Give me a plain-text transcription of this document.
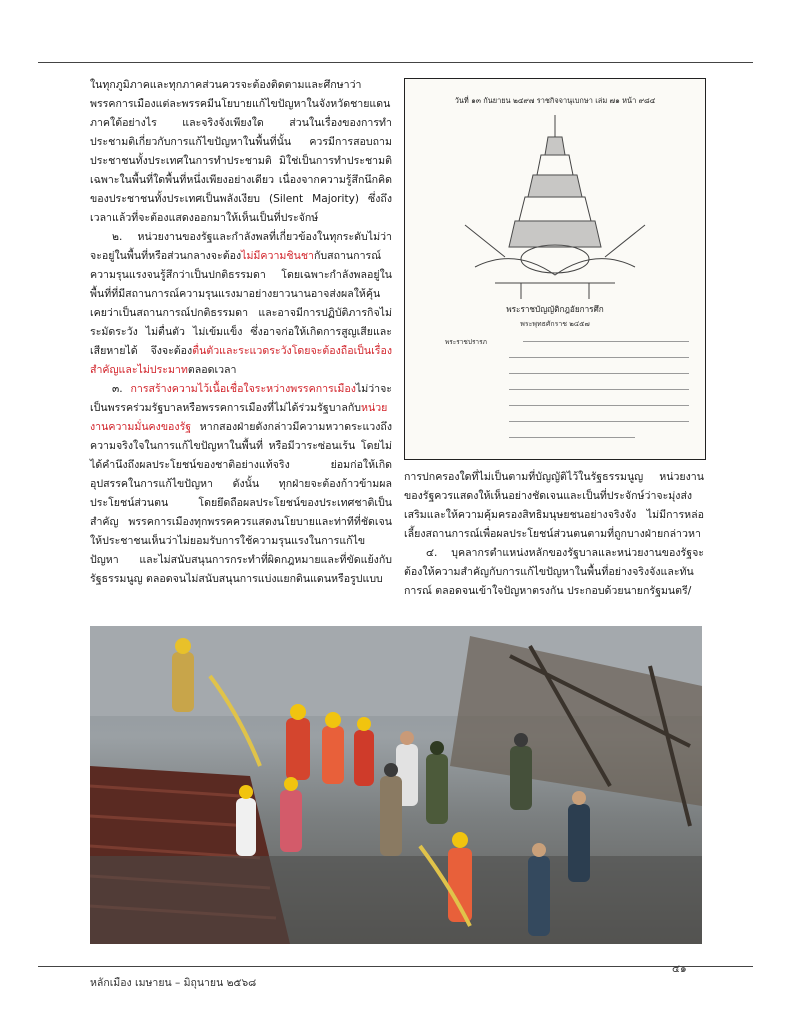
ในทุกภูมิภาคและทุกภาคส่วนควรจะต้องติดตามและศึกษาว่าพรรคการเมืองแต่ละพรรคมีนโยบายแก้ไขปัญหาในจังหวัดชายแดนภาคใต้อย่างไร และจริงจังเพียงใด ส่วนในเรื่องของการทำประชามติเกี่ยวกับการแก้ไขปัญหาในพื้นที่นั้น ควรมีการสอบถามประชาชนทั้งประเทศในการทำประชามติ มิใช่เป็นการทำประชามติเฉพาะในพื้นที่ใดพื้นที่หนึ่งเพียงอย่างเดียว เนื่องจากความรู้สึกนึกคิดของประชาชนทั้งประเทศเป็นพลังเงียบ (Silent Majority) ซึ่งถึงเวลาแล้วที่จะต้องแสดงออกมาให้เห็นเป็นที่ประจักษ์

๒. หน่วยงานของรัฐและกำลังพลที่เกี่ยวข้องในทุกระดับไม่ว่าจะอยู่ในพื้นที่หรือส่วนกลางจะต้องไม่มีความชินชากับสถานการณ์ความรุนแรงจนรู้สึกว่าเป็นปกติธรรมดา โดยเฉพาะกำลังพลอยู่ในพื้นที่ที่มีสถานการณ์ความรุนแรงมาอย่างยาวนานอาจส่งผลให้คุ้นเคยว่าเป็นสถานการณ์ปกติธรรมดา และอาจมีการปฏิบัติภารกิจไม่ระมัดระวัง ไม่ตื่นตัว ไม่เข้มแข็ง ซึ่งอาจก่อให้เกิดการสูญเสียและเสียหายได้ จึงจะต้องตื่นตัวและระแวดระวังโดยจะต้องถือเป็นเรื่องสำคัญและไม่ประมาทตลอดเวลา

๓. การสร้างความไว้เนื้อเชื่อใจระหว่างพรรคการเมืองไม่ว่าจะเป็นพรรคร่วมรัฐบาลหรือพรรคการเมืองที่ไม่ได้ร่วมรัฐบาลกับหน่วยงานความมั่นคงของรัฐ หากสองฝ่ายดังกล่าวมีความหวาดระแวงถึงความจริงใจในการแก้ไขปัญหาในพื้นที่ หรือมีวาระซ่อนเร้น โดยไม่ได้คำนึงถึงผลประโยชน์ของชาติอย่างแท้จริง ย่อมก่อให้เกิดอุปสรรคในการแก้ไขปัญหา ดังนั้น ทุกฝ่ายจะต้องก้าวข้ามผลประโยชน์ส่วนตน โดยยึดถือผลประโยชน์ของประเทศชาติเป็นสำคัญ พรรคการเมืองทุกพรรคควรแสดงนโยบายและท่าทีที่ชัดเจนให้ประชาชนเห็นว่าไม่ยอมรับการใช้ความรุนแรงในการแก้ไขปัญหา และไม่สนับสนุนการกระทำที่ผิดกฎหมายและที่ขัดแย้งกับรัฐธรรมนูญ ตลอดจนไม่สนับสนุนการแบ่งแยกดินแดนหรือรูปแบบ

วันที่ ๑๓ กันยายน ๒๔๙๗ ราชกิจจานุเบกษา เล่ม ๗๑ หน้า ๙๘๔
พระราชบัญญัติกฎอัยการศึก
พระพุทธศักราช ๒๔๕๗
พระราชปรารภ

การปกครองใดที่ไม่เป็นตามที่บัญญัติไว้ในรัฐธรรมนูญ หน่วยงานของรัฐควรแสดงให้เห็นอย่างชัดเจนและเป็นที่ประจักษ์ว่าจะมุ่งส่งเสริมและให้ความคุ้มครองสิทธิมนุษยชนอย่างจริงจัง ไม่มีการหล่อเลี้ยงสถานการณ์เพื่อผลประโยชน์ส่วนตนตามที่ถูกบางฝ่ายกล่าวหา

๔. บุคลากรตำแหน่งหลักของรัฐบาลและหน่วยงานของรัฐจะต้องให้ความสำคัญกับการแก้ไขปัญหาในพื้นที่อย่างจริงจังและทันการณ์ ตลอดจนเข้าใจปัญหาตรงกัน ประกอบด้วยนายกรัฐมนตรี/

หลักเมือง เมษายน – มิถุนายน ๒๕๖๘
๔๑
